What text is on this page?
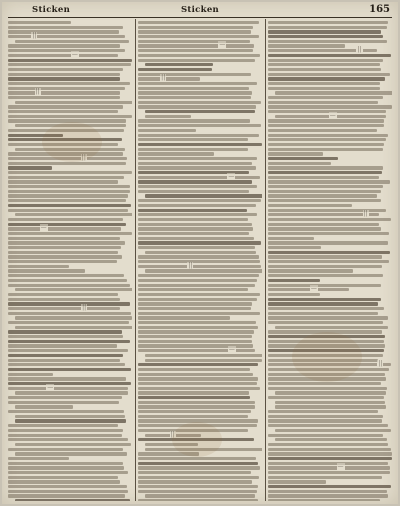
Sticken	Sticken	165
||
—
||
||
—
||
—
—
||
—
||
—
||
||
—
||
—
||
—
